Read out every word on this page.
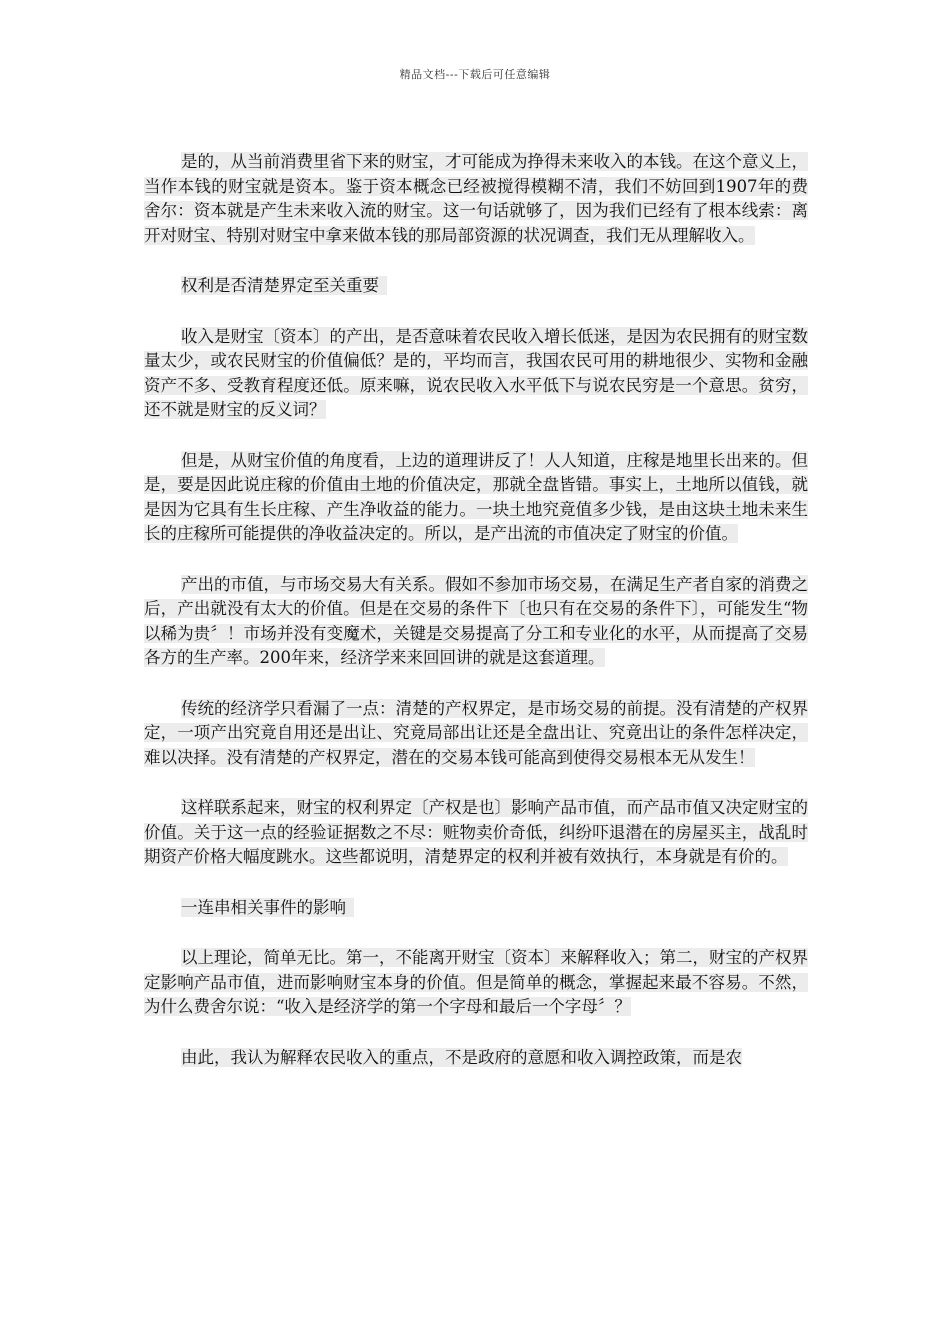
精品文档---下载后可任意编辑

是的，从当前消费里省下来的财宝，才可能成为挣得未来收入的本钱。在这个意义上，当作本钱的财宝就是资本。鉴于资本概念已经被搅得模糊不清，我们不妨回到1907年的费舍尔：资本就是产生未来收入流的财宝。这一句话就够了，因为我们已经有了根本线索：离开对财宝、特别对财宝中拿来做本钱的那局部资源的状况调查，我们无从理解收入。

权利是否清楚界定至关重要

收入是财宝〔资本〕的产出，是否意味着农民收入增长低迷，是因为农民拥有的财宝数量太少，或农民财宝的价值偏低？是的，平均而言，我国农民可用的耕地很少、实物和金融资产不多、受教育程度还低。原来嘛，说农民收入水平低下与说农民穷是一个意思。贫穷，还不就是财宝的反义词？

但是，从财宝价值的角度看，上边的道理讲反了！人人知道，庄稼是地里长出来的。但是，要是因此说庄稼的价值由土地的价值决定，那就全盘皆错。事实上，土地所以值钱，就是因为它具有生长庄稼、产生净收益的能力。一块土地究竟值多少钱，是由这块土地未来生长的庄稼所可能提供的净收益决定的。所以，是产出流的市值决定了财宝的价值。

产出的市值，与市场交易大有关系。假如不参加市场交易，在满足生产者自家的消费之后，产出就没有太大的价值。但是在交易的条件下〔也只有在交易的条件下〕，可能发生“物以稀为贵〞！市场并没有变魔术，关键是交易提高了分工和专业化的水平，从而提高了交易各方的生产率。200年来，经济学来来回回讲的就是这套道理。

传统的经济学只看漏了一点：清楚的产权界定，是市场交易的前提。没有清楚的产权界定，一项产出究竟自用还是出让、究竟局部出让还是全盘出让、究竟出让的条件怎样决定，难以决择。没有清楚的产权界定，潜在的交易本钱可能高到使得交易根本无从发生！

这样联系起来，财宝的权利界定〔产权是也〕影响产品市值，而产品市值又决定财宝的价值。关于这一点的经验证据数之不尽：赃物卖价奇低，纠纷吓退潜在的房屋买主，战乱时期资产价格大幅度跳水。这些都说明，清楚界定的权利并被有效执行，本身就是有价的。

一连串相关事件的影响

以上理论，简单无比。第一，不能离开财宝〔资本〕来解释收入；第二，财宝的产权界定影响产品市值，进而影响财宝本身的价值。但是简单的概念，掌握起来最不容易。不然，为什么费舍尔说：“收入是经济学的第一个字母和最后一个字母〞？

由此，我认为解释农民收入的重点，不是政府的意愿和收入调控政策，而是农
